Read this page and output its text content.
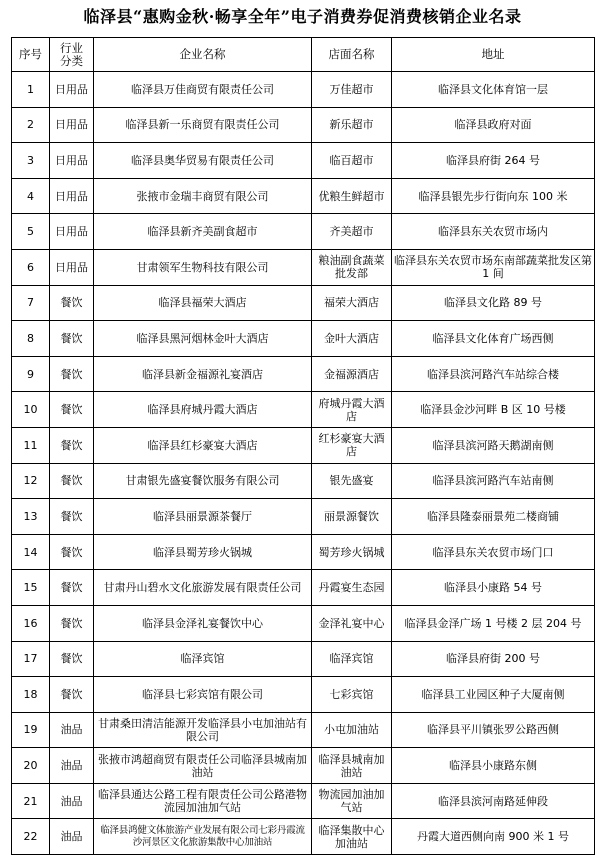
临泽县“惠购金秋·畅享全年”电子消费券促消费核销企业名录
序号	行业分类	企业名称	店面名称	地址
1	日用品	临泽县万佳商贸有限责任公司	万佳超市	临泽县文化体育馆一层
2	日用品	临泽县新一乐商贸有限责任公司	新乐超市	临泽县政府对面
3	日用品	临泽县奥华贸易有限责任公司	临百超市	临泽县府街 264 号
4	日用品	张掖市金瑞丰商贸有限公司	优粮生鲜超市	临泽县银先步行街向东 100 米
5	日用品	临泽县新齐美副食超市	齐美超市	临泽县东关农贸市场内
6	日用品	甘肃领军生物科技有限公司	粮油副食蔬菜批发部	临泽县东关农贸市场东南部蔬菜批发区第 1 间
7	餐饮	临泽县福荣大酒店	福荣大酒店	临泽县文化路 89 号
8	餐饮	临泽县黑河烟林金叶大酒店	金叶大酒店	临泽县文化体育广场西侧
9	餐饮	临泽县新金福源礼宴酒店	金福源酒店	临泽县滨河路汽车站综合楼
10	餐饮	临泽县府城丹霞大酒店	府城丹霞大酒店	临泽县金沙河畔 B 区 10 号楼
11	餐饮	临泽县红杉豪宴大酒店	红杉豪宴大酒店	临泽县滨河路天鹅湖南侧
12	餐饮	甘肃银先盛宴餐饮服务有限公司	银先盛宴	临泽县滨河路汽车站南侧
13	餐饮	临泽县丽景源茶餐厅	丽景源餐饮	临泽县隆泰丽景苑二楼商铺
14	餐饮	临泽县蜀芳珍火锅城	蜀芳珍火锅城	临泽县东关农贸市场门口
15	餐饮	甘肃丹山碧水文化旅游发展有限责任公司	丹霞宴生态园	临泽县小康路 54 号
16	餐饮	临泽县金泽礼宴餐饮中心	金泽礼宴中心	临泽县金泽广场 1 号楼 2 层 204 号
17	餐饮	临泽宾馆	临泽宾馆	临泽县府街 200 号
18	餐饮	临泽县七彩宾馆有限公司	七彩宾馆	临泽县工业园区种子大厦南侧
19	油品	甘肃桑田清洁能源开发临泽县小屯加油站有限公司	小屯加油站	临泽县平川镇张罗公路西侧
20	油品	张掖市鸿超商贸有限责任公司临泽县城南加油站	临泽县城南加油站	临泽县小康路东侧
21	油品	临泽县通达公路工程有限责任公司公路港物流园加油加气站	物流园加油加气站	临泽县滨河南路延伸段
22	油品	临泽县鸿健文体旅游产业发展有限公司七彩丹霞流沙河景区文化旅游集散中心加油站	临泽集散中心加油站	丹霞大道西侧向南 900 米 1 号
